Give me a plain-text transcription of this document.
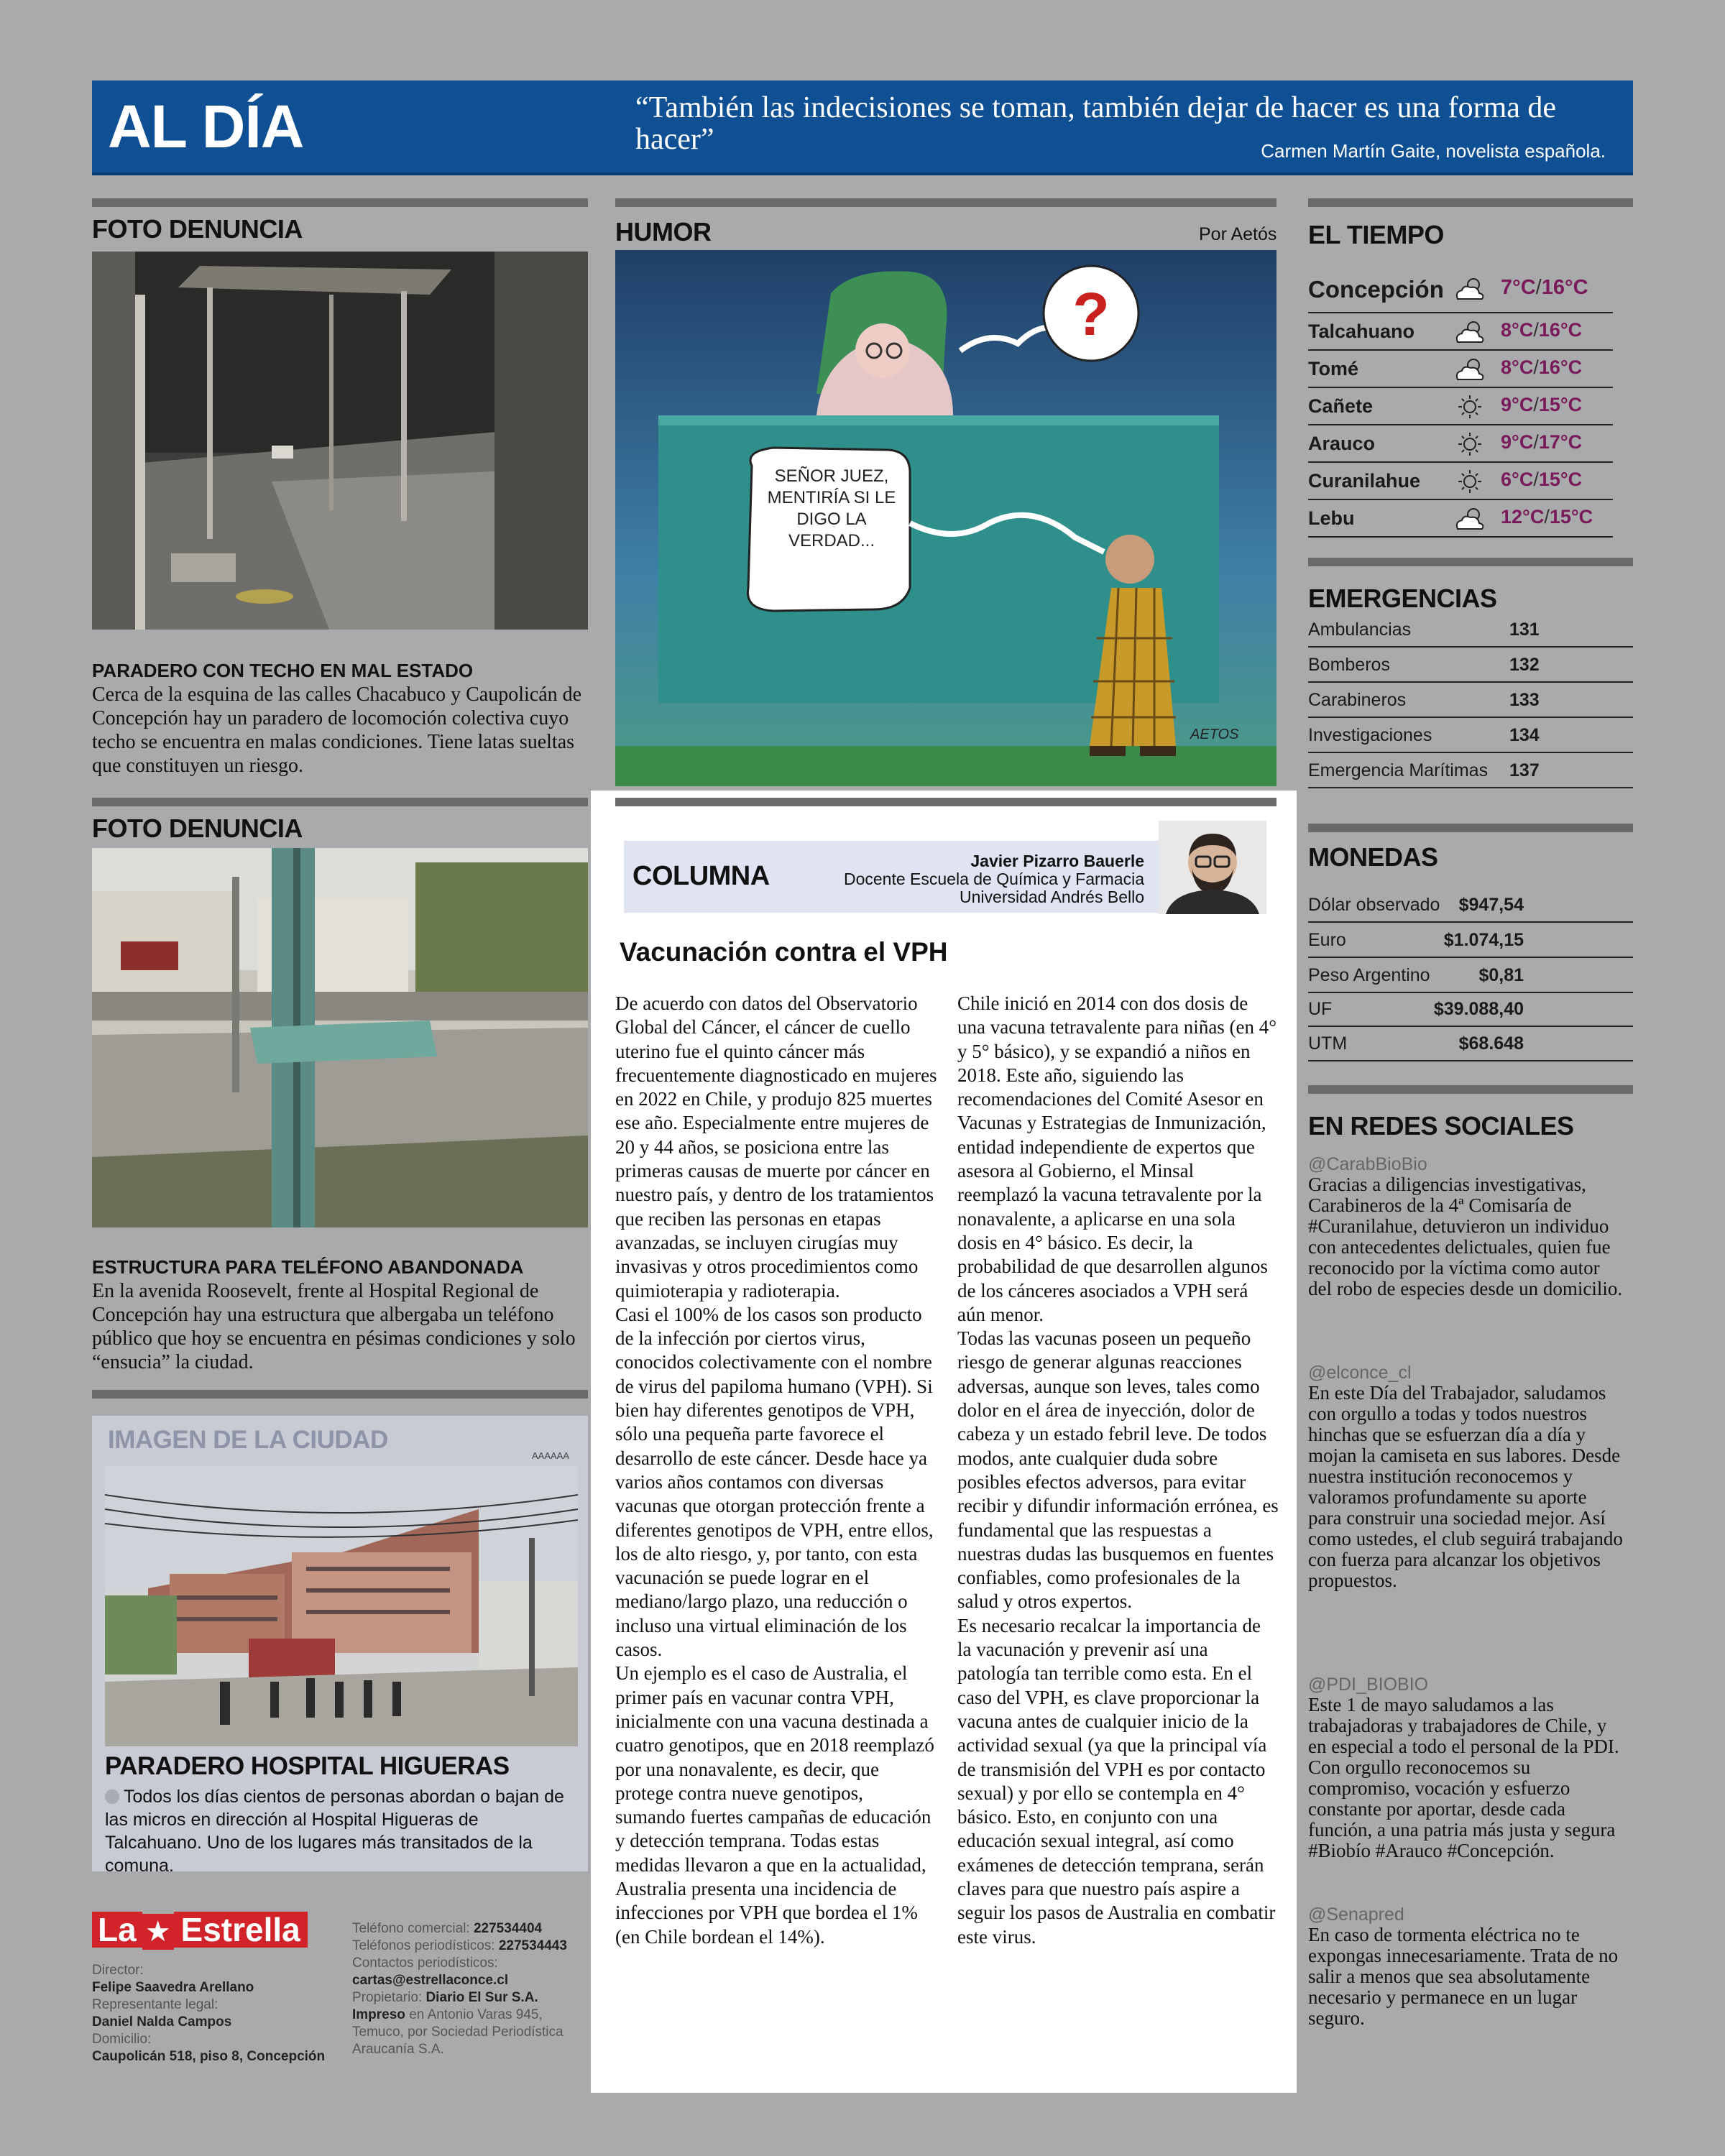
AL DÍA	“También las indecisiones se toman, también dejar de hacer es una forma de hacer”	Carmen Martín Gaite, novelista española.
FOTO DENUNCIA
PARADERO CON TECHO EN MAL ESTADO
Cerca de la esquina de las calles Chacabuco y Caupolicán de Concepción hay un paradero de locomoción colectiva cuyo techo se encuentra en malas condiciones. Tiene latas sueltas que constituyen un riesgo.
FOTO DENUNCIA
ESTRUCTURA PARA TELÉFONO ABANDONADA
En la avenida Roosevelt, frente al Hospital Regional de Concepción hay una estructura que albergaba un teléfono público que hoy se encuentra en pésimas condiciones y solo “ensucia” la ciudad.
IMAGEN DE LA CIUDAD
AAAAAA
PARADERO HOSPITAL HIGUERAS
Todos los días cientos de personas abordan o bajan de las micros en dirección al Hospital Higueras de Talcahuano. Uno de los lugares más transitados de la comuna.
La ★ Estrella
Director:
Felipe Saavedra Arellano
Representante legal:
Daniel Nalda Campos
Domicilio:
Caupolicán 518, piso 8, Concepción
Teléfono comercial: 227534404
Teléfonos periodísticos: 227534443
Contactos periodísticos:
cartas@estrellaconce.cl
Propietario: Diario El Sur S.A.
Impreso en Antonio Varas 945, Temuco, por Sociedad Periodística Araucanía S.A.
HUMOR	Por Aetós
?
SEÑOR JUEZ, MENTIRÍA SI LE DIGO LA VERDAD...
AETOS
COLUMNA	Javier Pizarro Bauerle
Docente Escuela de Química y Farmacia
Universidad Andrés Bello
Vacunación contra el VPH

De acuerdo con datos del Observatorio Global del Cáncer, el cáncer de cuello uterino fue el quinto cáncer más frecuentemente diagnosticado en mujeres en 2022 en Chile, y produjo 825 muertes ese año. Especialmente entre mujeres de 20 y 44 años, se posiciona entre las primeras causas de muerte por cáncer en nuestro país, y dentro de los tratamientos que reciben las personas en etapas avanzadas, se incluyen cirugías muy invasivas y otros procedimientos como quimioterapia y radioterapia.

Casi el 100% de los casos son producto de la infección por ciertos virus, conocidos colectivamente con el nombre de virus del papiloma humano (VPH). Si bien hay diferentes genotipos de VPH, sólo una pequeña parte favorece el desarrollo de este cáncer. Desde hace ya varios años contamos con diversas vacunas que otorgan protección frente a diferentes genotipos de VPH, entre ellos, los de alto riesgo, y, por tanto, con esta vacunación se puede lograr en el mediano/largo plazo, una reducción o incluso una virtual eliminación de los casos.

Un ejemplo es el caso de Australia, el primer país en vacunar contra VPH, inicialmente con una vacuna destinada a cuatro genotipos, que en 2018 reemplazó por una nonavalente, es decir, que protege contra nueve genotipos, sumando fuertes campañas de educación y detección temprana. Todas estas medidas llevaron a que en la actualidad, Australia presenta una incidencia de infecciones por VPH que bordea el 1% (en Chile bordean el 14%).

Chile inició en 2014 con dos dosis de una vacuna tetravalente para niñas (en 4° y 5° básico), y se expandió a niños en 2018. Este año, siguiendo las recomendaciones del Comité Asesor en Vacunas y Estrategias de Inmunización, entidad independiente de expertos que asesora al Gobierno, el Minsal reemplazó la vacuna tetravalente por la nonavalente, a aplicarse en una sola dosis en 4° básico. Es decir, la probabilidad de que desarrollen algunos de los cánceres asociados a VPH será aún menor.

Todas las vacunas poseen un pequeño riesgo de generar algunas reacciones adversas, aunque son leves, tales como dolor en el área de inyección, dolor de cabeza y un estado febril leve. De todos modos, ante cualquier duda sobre posibles efectos adversos, para evitar recibir y difundir información errónea, es fundamental que las respuestas a nuestras dudas las busquemos en fuentes confiables, como profesionales de la salud y otros expertos.

Es necesario recalcar la importancia de la vacunación y prevenir así una patología tan terrible como esta. En el caso del VPH, es clave proporcionar la vacuna antes de cualquier inicio de la actividad sexual (ya que la principal vía de transmisión del VPH es por contacto sexual) y por ello se contempla en 4° básico. Esto, en conjunto con una educación sexual integral, así como exámenes de detección temprana, serán claves para que nuestro país aspire a seguir los pasos de Australia en combatir este virus.

EL TIEMPO
Concepción	7°C/16°C
Talcahuano	8°C/16°C
Tomé	8°C/16°C
Cañete	9°C/15°C
Arauco	9°C/17°C
Curanilahue	6°C/15°C
Lebu	12°C/15°C
EMERGENCIAS
Ambulancias	131
Bomberos	132
Carabineros	133
Investigaciones	134
Emergencia Marítimas 137
MONEDAS
Dólar observado $947,54
Euro	$1.074,15
Peso Argentino	$0,81
UF	$39.088,40
UTM	$68.648
EN REDES SOCIALES
@CarabBioBio
Gracias a diligencias investigativas, Carabineros de la 4ª Comisaría de #Curanilahue, detuvieron un individuo con antecedentes delictuales, quien fue reconocido por la víctima como autor del robo de especies desde un domicilio.
@elconce_cl
En este Día del Trabajador, saludamos con orgullo a todas y todos nuestros hinchas que se esfuerzan día a día y mojan la camiseta en sus labores. Desde nuestra institución reconocemos y valoramos profundamente su aporte para construir una sociedad mejor. Así como ustedes, el club seguirá trabajando con fuerza para alcanzar los objetivos propuestos.
@PDI_BIOBIO
Este 1 de mayo saludamos a las trabajadoras y trabajadores de Chile, y en especial a todo el personal de la PDI. Con orgullo reconocemos su compromiso, vocación y esfuerzo constante por aportar, desde cada función, a una patria más justa y segura #Biobío #Arauco #Concepción.
@Senapred
En caso de tormenta eléctrica no te expongas innecesariamente. Trata de no salir a menos que sea absolutamente necesario y permanece en un lugar seguro.
